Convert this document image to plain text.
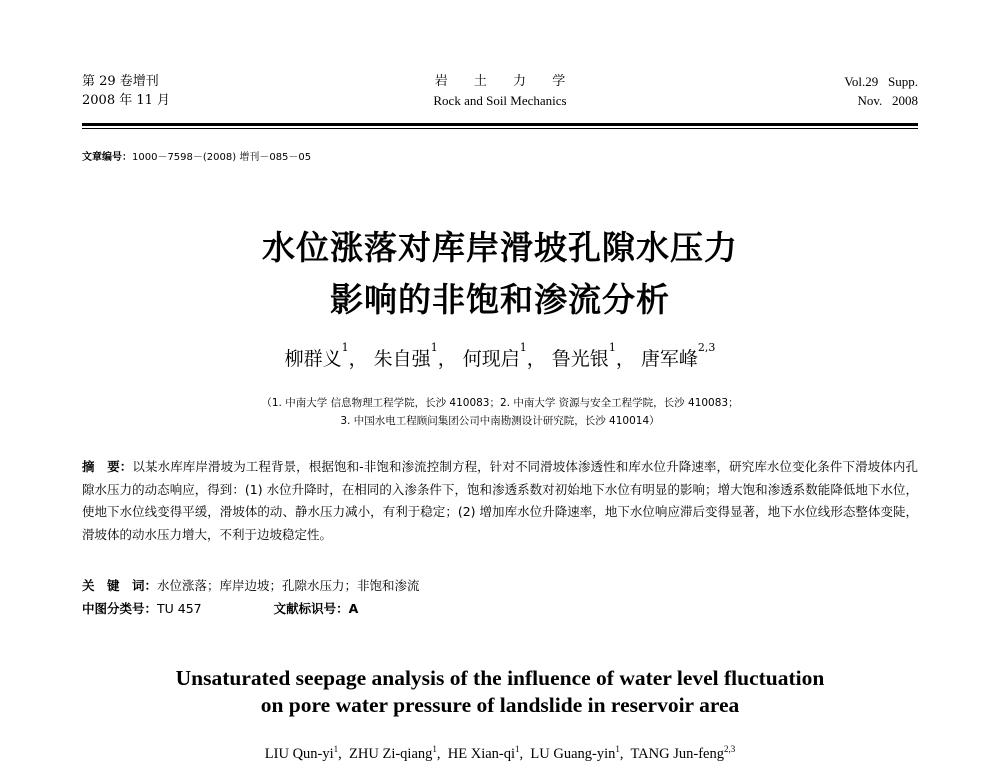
第 29 卷增刊
2008 年 11 月
岩 土 力 学
Rock and Soil Mechanics
Vol.29   Supp.
Nov.   2008
文章编号：1000－7598－(2008) 增刊－085－05
水位涨落对库岸滑坡孔隙水压力
影响的非饱和渗流分析
柳群义$^1$， 朱自强$^1$， 何现启$^1$， 鲁光银$^1$， 唐军峰$^{2,3}$
（1. 中南大学 信息物理工程学院，长沙 410083；2. 中南大学 资源与安全工程学院，长沙 410083；
3. 中国水电工程顾问集团公司中南勘测设计研究院，长沙 410014）
摘　要：以某水库库岸滑坡为工程背景，根据饱和-非饱和渗流控制方程，针对不同滑坡体渗透性和库水位升降速率，研究库水位变化条件下滑坡体内孔隙水压力的动态响应，得到：(1) 水位升降时，在相同的入渗条件下，饱和渗透系数对初始地下水位有明显的影响；增大饱和渗透系数能降低地下水位，使地下水位线变得平缓，滑坡体的动、静水压力减小，有利于稳定；(2) 增加库水位升降速率，地下水位响应滞后变得显著，地下水位线形态整体变陡，滑坡体的动水压力增大，不利于边坡稳定性。
关　键　词：水位涨落；库岸边坡；孔隙水压力；非饱和渗流
中图分类号：TU 457	文献标识号：A
Unsaturated seepage analysis of the influence of water level fluctuation
on pore water pressure of landslide in reservoir area
LIU Qun-$yi^1$,  ZHU Zi-qiang$^1$,  HE Xian-$qi^1$,  LU Guang-yin$^1$,  TANG Jun-feng$^{2,3}$
